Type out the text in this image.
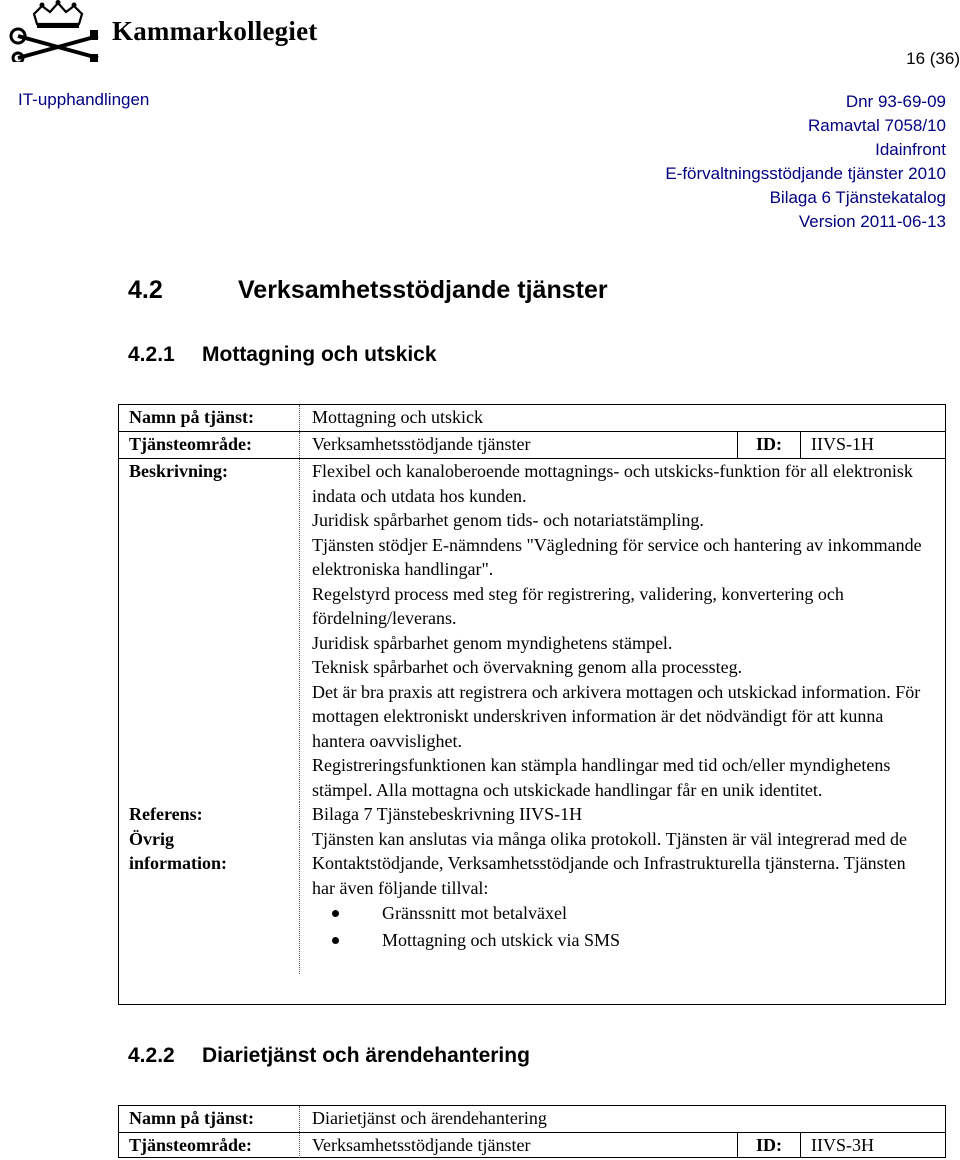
Kammarkollegiet
16 (36)
IT-upphandlingen	Dnr 93-69-09
Ramavtal 7058/10
Idainfront
E-förvaltningsstödjande tjänster 2010
Bilaga 6 Tjänstekatalog
Version 2011-06-13
4.2	Verksamhetsstödjande tjänster
4.2.1 Mottagning och utskick
Namn på tjänst:	Mottagning och utskick
Tjänsteområde:	Verksamhetsstödjande tjänster	ID:	IIVS-1H
Beskrivning:	Flexibel och kanaloberoende mottagnings- och utskicks-funktion för all elektronisk indata och utdata hos kunden.

Juridisk spårbarhet genom tids- och notariatstämpling.

Tjänsten stödjer E-nämndens "Vägledning för service och hantering av inkommande elektroniska handlingar".

Regelstyrd process med steg för registrering, validering, konvertering och fördelning/leverans.

Juridisk spårbarhet genom myndighetens stämpel.

Teknisk spårbarhet och övervakning genom alla processteg.

Det är bra praxis att registrera och arkivera mottagen och utskickad information. För mottagen elektroniskt underskriven information är det nödvändigt för att kunna hantera oavvislighet.

Registreringsfunktionen kan stämpla handlingar med tid och/eller myndighetens stämpel. Alla mottagna och utskickade handlingar får en unik identitet.

Referens:	Bilaga 7 Tjänstebeskrivning IIVS-1H
Övrig
information:

Tjänsten kan anslutas via många olika protokoll. Tjänsten är väl integrerad med de Kontaktstödjande, Verksamhetsstödjande och Infrastrukturella tjänsterna. Tjänsten har även följande tillval:

Gränssnitt mot betalväxel
Mottagning och utskick via SMS
4.2.2 Diarietjänst och ärendehantering
Namn på tjänst:	Diarietjänst och ärendehantering
Tjänsteområde:	Verksamhetsstödjande tjänster	ID:	IIVS-3H
